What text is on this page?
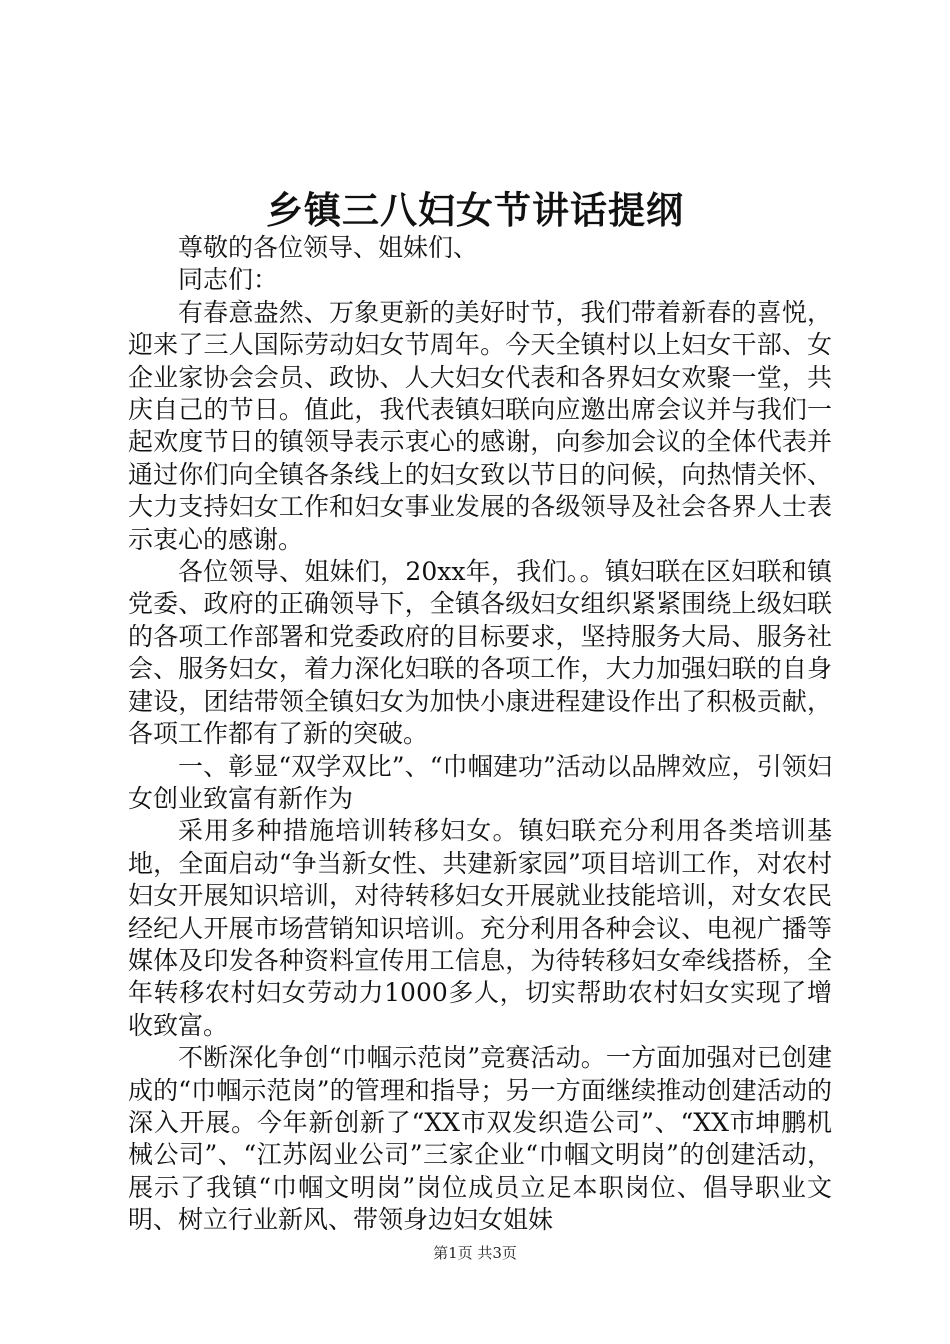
乡镇三八妇女节讲话提纲

尊敬的各位领导、姐妹们、

同志们：

有春意盎然、万象更新的美好时节，我们带着新春的喜悦，迎来了三人国际劳动妇女节周年。今天全镇村以上妇女干部、女企业家协会会员、政协、人大妇女代表和各界妇女欢聚一堂，共庆自己的节日。值此，我代表镇妇联向应邀出席会议并与我们一起欢度节日的镇领导表示衷心的感谢，向参加会议的全体代表并通过你们向全镇各条线上的妇女致以节日的问候，向热情关怀、大力支持妇女工作和妇女事业发展的各级领导及社会各界人士表示衷心的感谢。

各位领导、姐妹们，20xx年，我们。。镇妇联在区妇联和镇党委、政府的正确领导下，全镇各级妇女组织紧紧围绕上级妇联的各项工作部署和党委政府的目标要求，坚持服务大局、服务社会、服务妇女，着力深化妇联的各项工作，大力加强妇联的自身建设，团结带领全镇妇女为加快小康进程建设作出了积极贡献，各项工作都有了新的突破。

一、彰显“双学双比”、“巾帼建功”活动以品牌效应，引领妇女创业致富有新作为

采用多种措施培训转移妇女。镇妇联充分利用各类培训基地，全面启动“争当新女性、共建新家园”项目培训工作，对农村妇女开展知识培训，对待转移妇女开展就业技能培训，对女农民经纪人开展市场营销知识培训。充分利用各种会议、电视广播等媒体及印发各种资料宣传用工信息，为待转移妇女牵线搭桥，全年转移农村妇女劳动力1000多人，切实帮助农村妇女实现了增收致富。

不断深化争创“巾帼示范岗”竞赛活动。一方面加强对已创建成的“巾帼示范岗”的管理和指导；另一方面继续推动创建活动的深入开展。今年新创新了“XX市双发织造公司”、“XX市坤鹏机械公司”、“江苏闳业公司”三家企业“巾帼文明岗”的创建活动，展示了我镇“巾帼文明岗”岗位成员立足本职岗位、倡导职业文明、树立行业新风、带领身边妇女姐妹

第1页 共3页
